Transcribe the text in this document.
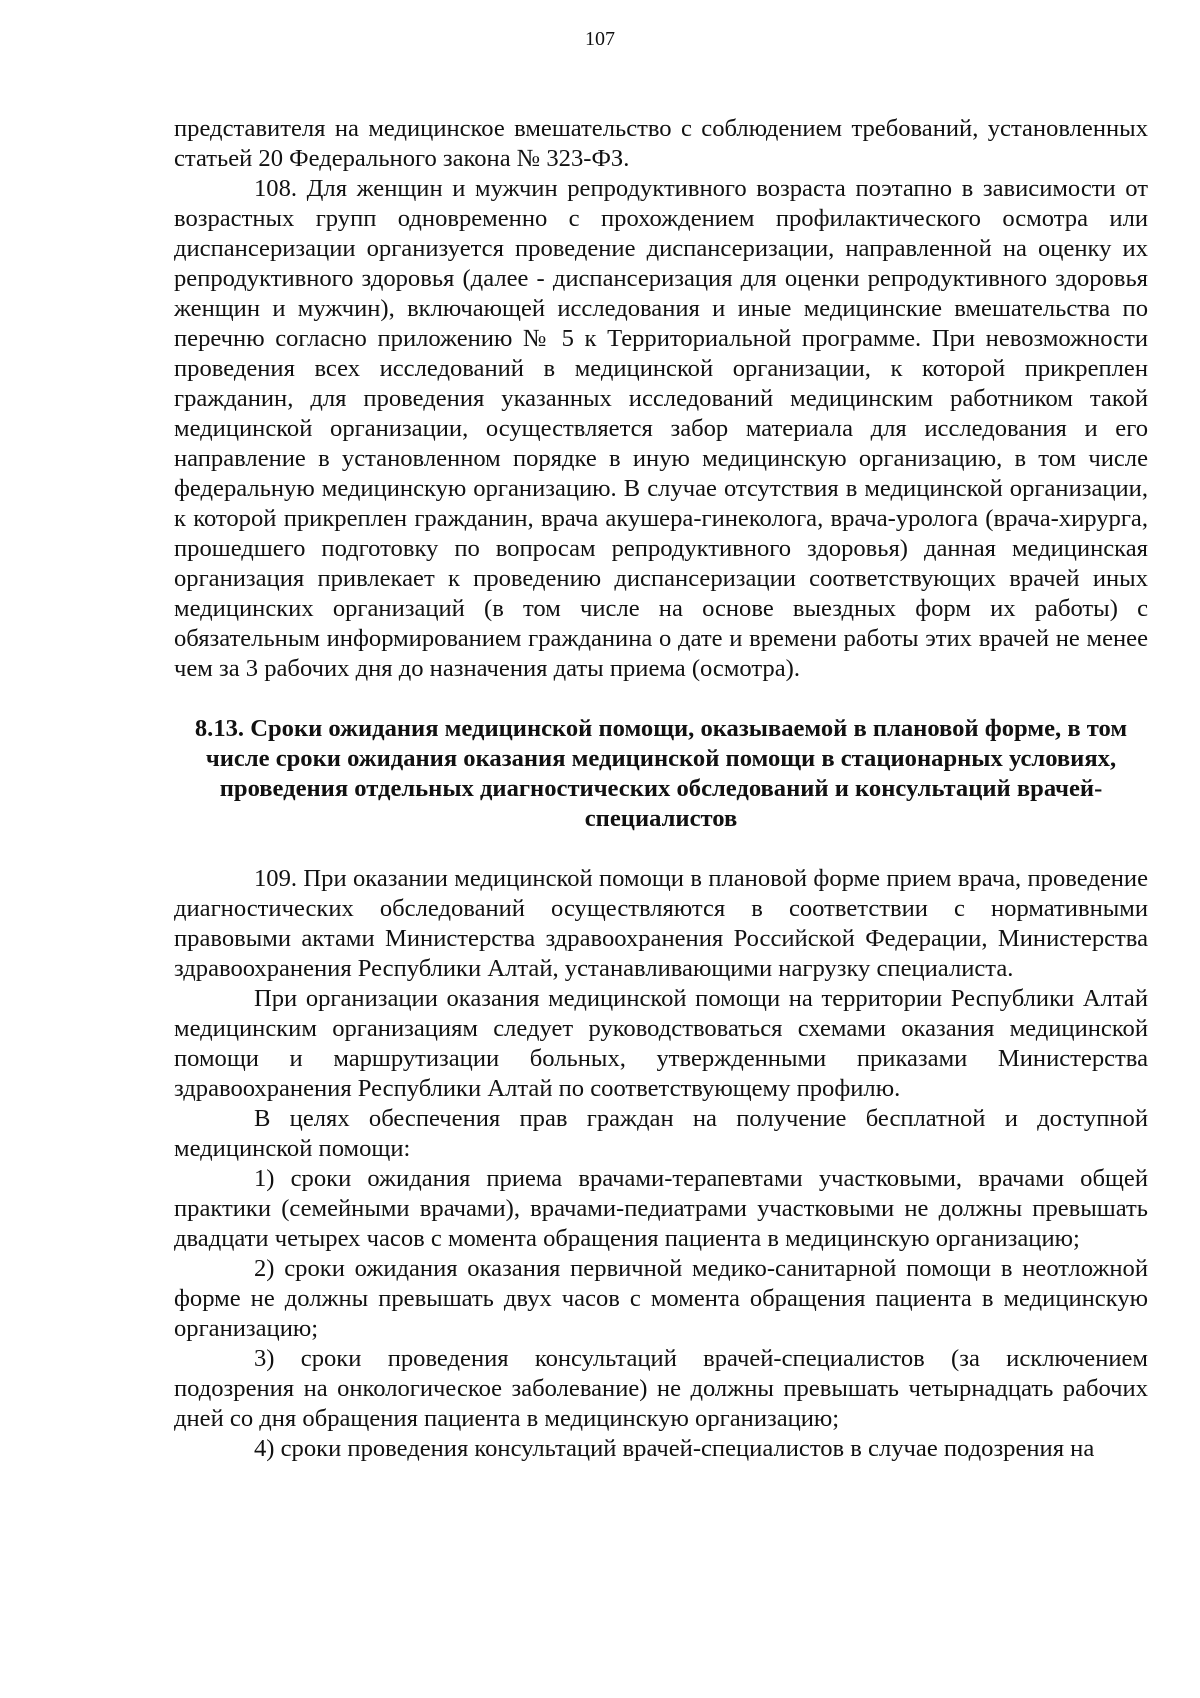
107

представителя на медицинское вмешательство с соблюдением требований, установленных статьей 20 Федерального закона № 323-ФЗ.

108. Для женщин и мужчин репродуктивного возраста поэтапно в зависимости от возрастных групп одновременно с прохождением профилактического осмотра или диспансеризации организуется проведение диспансеризации, направленной на оценку их репродуктивного здоровья (далее - диспансеризация для оценки репродуктивного здоровья женщин и мужчин), включающей исследования и иные медицинские вмешательства по перечню согласно приложению № 5 к Территориальной программе. При невозможности проведения всех исследований в медицинской организации, к которой прикреплен гражданин, для проведения указанных исследований медицинским работником такой медицинской организации, осуществляется забор материала для исследования и его направление в установленном порядке в иную медицинскую организацию, в том числе федеральную медицинскую организацию. В случае отсутствия в медицинской организации, к которой прикреплен гражданин, врача акушера-гинеколога, врача-уролога (врача-хирурга, прошедшего подготовку по вопросам репродуктивного здоровья) данная медицинская организация привлекает к проведению диспансеризации соответствующих врачей иных медицинских организаций (в том числе на основе выездных форм их работы) с обязательным информированием гражданина о дате и времени работы этих врачей не менее чем за 3 рабочих дня до назначения даты приема (осмотра).

8.13. Сроки ожидания медицинской помощи, оказываемой в плановой форме, в том числе сроки ожидания оказания медицинской помощи в стационарных условиях, проведения отдельных диагностических обследований и консультаций врачей-специалистов

109. При оказании медицинской помощи в плановой форме прием врача, проведение диагностических обследований осуществляются в соответствии с нормативными правовыми актами Министерства здравоохранения Российской Федерации, Министерства здравоохранения Республики Алтай, устанавливающими нагрузку специалиста.

При организации оказания медицинской помощи на территории Республики Алтай медицинским организациям следует руководствоваться схемами оказания медицинской помощи и маршрутизации больных, утвержденными приказами Министерства здравоохранения Республики Алтай по соответствующему профилю.

В целях обеспечения прав граждан на получение бесплатной и доступной медицинской помощи:

1) сроки ожидания приема врачами-терапевтами участковыми, врачами общей практики (семейными врачами), врачами-педиатрами участковыми не должны превышать двадцати четырех часов с момента обращения пациента в медицинскую организацию;

2) сроки ожидания оказания первичной медико-санитарной помощи в неотложной форме не должны превышать двух часов с момента обращения пациента в медицинскую организацию;

3) сроки проведения консультаций врачей-специалистов (за исключением подозрения на онкологическое заболевание) не должны превышать четырнадцать рабочих дней со дня обращения пациента в медицинскую организацию;

4) сроки проведения консультаций врачей-специалистов в случае подозрения на
